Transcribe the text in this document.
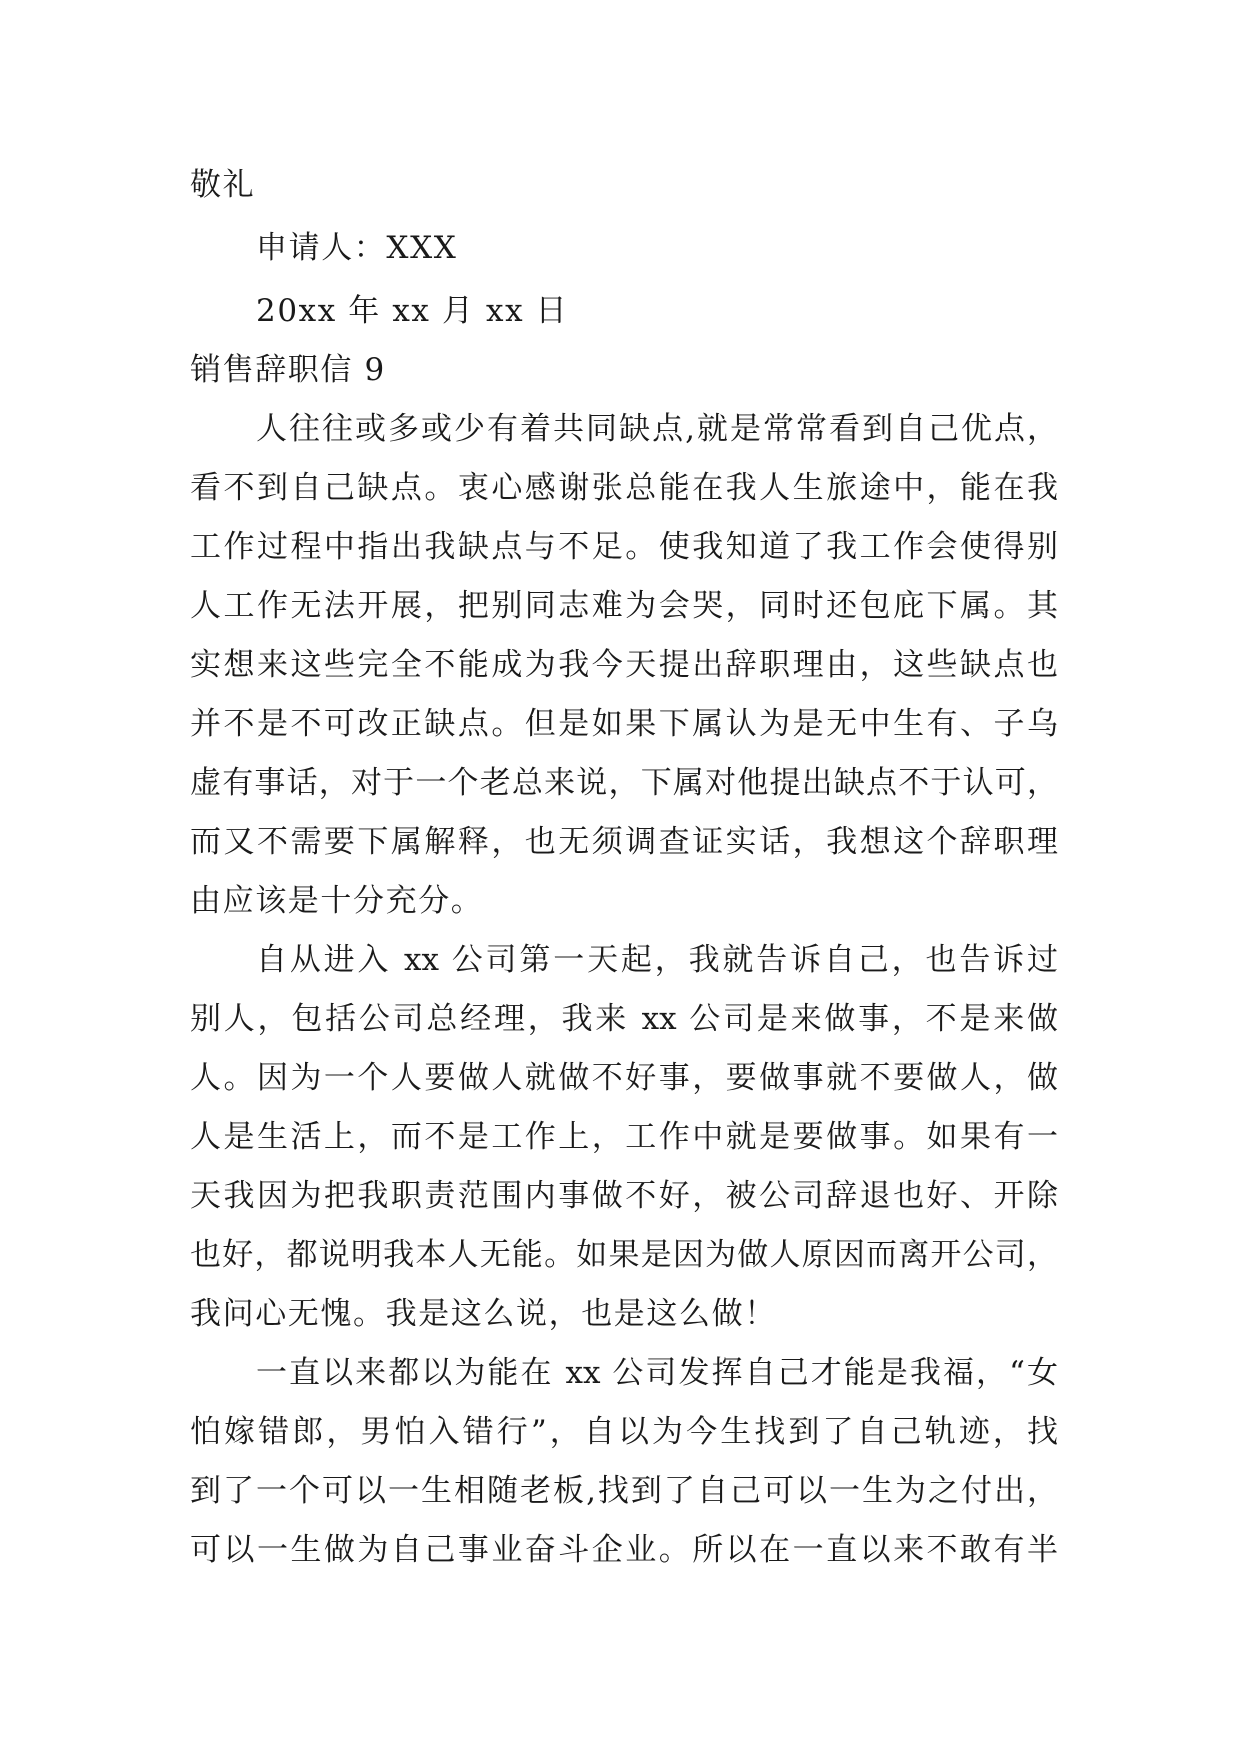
敬礼
申请人：XXX
20xx 年 xx 月 xx 日
销售辞职信 9
人往往或多或少有着共同缺点,就是常常看到自己优点，
看不到自己缺点。衷心感谢张总能在我人生旅途中，能在我
工作过程中指出我缺点与不足。使我知道了我工作会使得别
人工作无法开展，把别同志难为会哭，同时还包庇下属。其
实想来这些完全不能成为我今天提出辞职理由，这些缺点也
并不是不可改正缺点。但是如果下属认为是无中生有、子乌
虚有事话，对于一个老总来说，下属对他提出缺点不于认可，
而又不需要下属解释，也无须调查证实话，我想这个辞职理
由应该是十分充分。
自从进入 xx 公司第一天起，我就告诉自己，也告诉过
别人，包括公司总经理，我来 xx 公司是来做事，不是来做
人。因为一个人要做人就做不好事，要做事就不要做人，做
人是生活上，而不是工作上，工作中就是要做事。如果有一
天我因为把我职责范围内事做不好，被公司辞退也好、开除
也好，都说明我本人无能。如果是因为做人原因而离开公司，
我问心无愧。我是这么说，也是这么做！
一直以来都以为能在 xx 公司发挥自己才能是我福，“女
怕嫁错郎，男怕入错行”，自以为今生找到了自己轨迹，找
到了一个可以一生相随老板,找到了自己可以一生为之付出，
可以一生做为自己事业奋斗企业。所以在一直以来不敢有半
